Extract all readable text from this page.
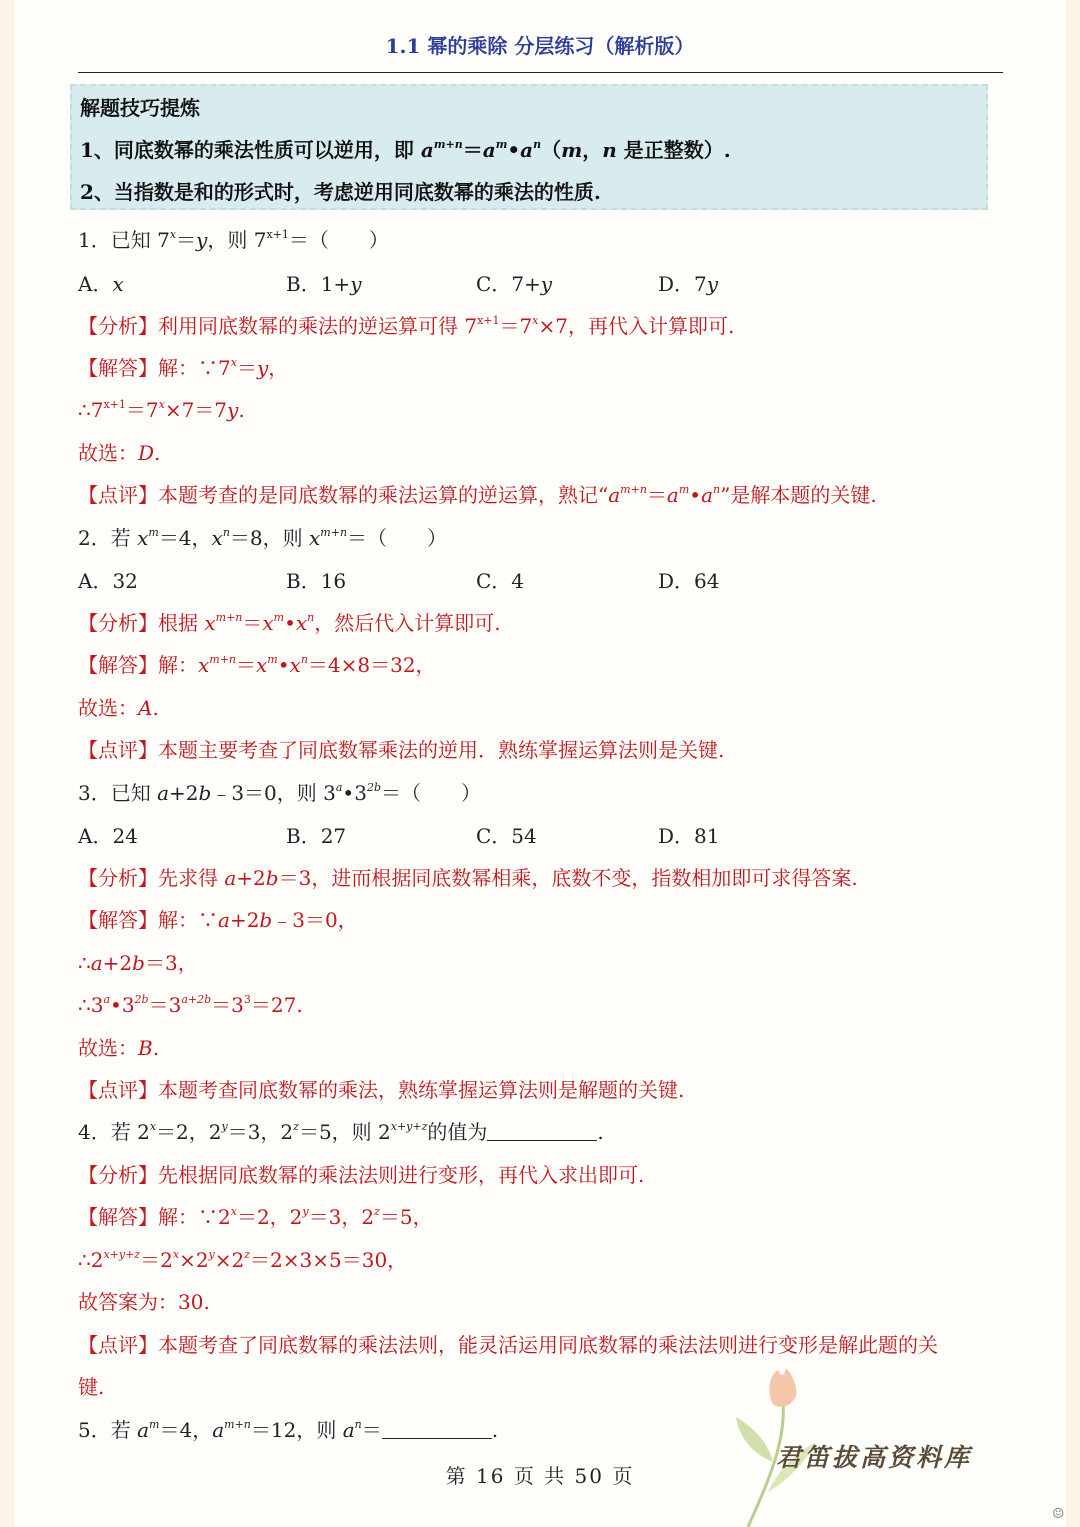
1.1 幂的乘除 分层练习（解析版）
解题技巧提炼
1、同底数幂的乘法性质可以逆用，即 $a^{m+n}=a^m•a^n(m$，n 是正整数）.
2、当指数是和的形式时，考虑逆用同底数幂的乘法的性质.
1．已知 $7^x=y$，则 $7^{x+1}=$（　　）
A．x	B．1+y	C．7+y	D．7y
【分析】利用同底数幂的乘法的逆运算可得 $7^{x+1}=7^x\times 7$，再代入计算即可.
【解答】解：$\because 7^x=y$，
$\therefore 7^{x+1}=7^x\times 7=7y$.
故选：D.
【点评】本题考查的是同底数幂的乘法运算的逆运算，熟记“$a^{m+n}=a^m•a^n$”是解本题的关键.
2．若 $x^m=4$，$x^n=8$，则 $x^{m+n}=$（　　）
A．32	B．16	C．4	D．64
【分析】根据 $x^{m+n}=x^m•x^n$，然后代入计算即可.
【解答】解：$x^{m+n}=x^m•x^n=4\times 8=32$，
故选：A.
【点评】本题主要考查了同底数幂乘法的逆用．熟练掌握运算法则是关键.
3．已知 a+2b﹣3＝0，则 $3^a•3^{2b}=$（　　）
A．24	B．27	C．54	D．81
【分析】先求得 a+2b＝3，进而根据同底数幂相乘，底数不变，指数相加即可求得答案.
【解答】解：∵a+2b﹣3＝0，
∴a+2b＝3，
$\therefore 3^a•3^{2b}=3^{a+2b}=3^3=27$.
故选：B.
【点评】本题考查同底数幂的乘法，熟练掌握运算法则是解题的关键.
4．若 $2^x=2$，$2^y=3$，$2^z=5$，则 $2^{x+y+z}$的值为	.
【分析】先根据同底数幂的乘法法则进行变形，再代入求出即可.
【解答】解：$\because 2^x=2$，$2^y=3$，$2^z=5$，
$\therefore 2^{x+y+z}=2^x\times 2^y\times 2^z=2\times 3\times 5=30$，
故答案为：30.
【点评】本题考查了同底数幂的乘法法则，能灵活运用同底数幂的乘法法则进行变形是解此题的关
键.
5．若 $a^m=4$，$a^{m+n}=12$，则 $a^n=$	.
君笛拔高资料库
第 16 页 共 50 页
☺
